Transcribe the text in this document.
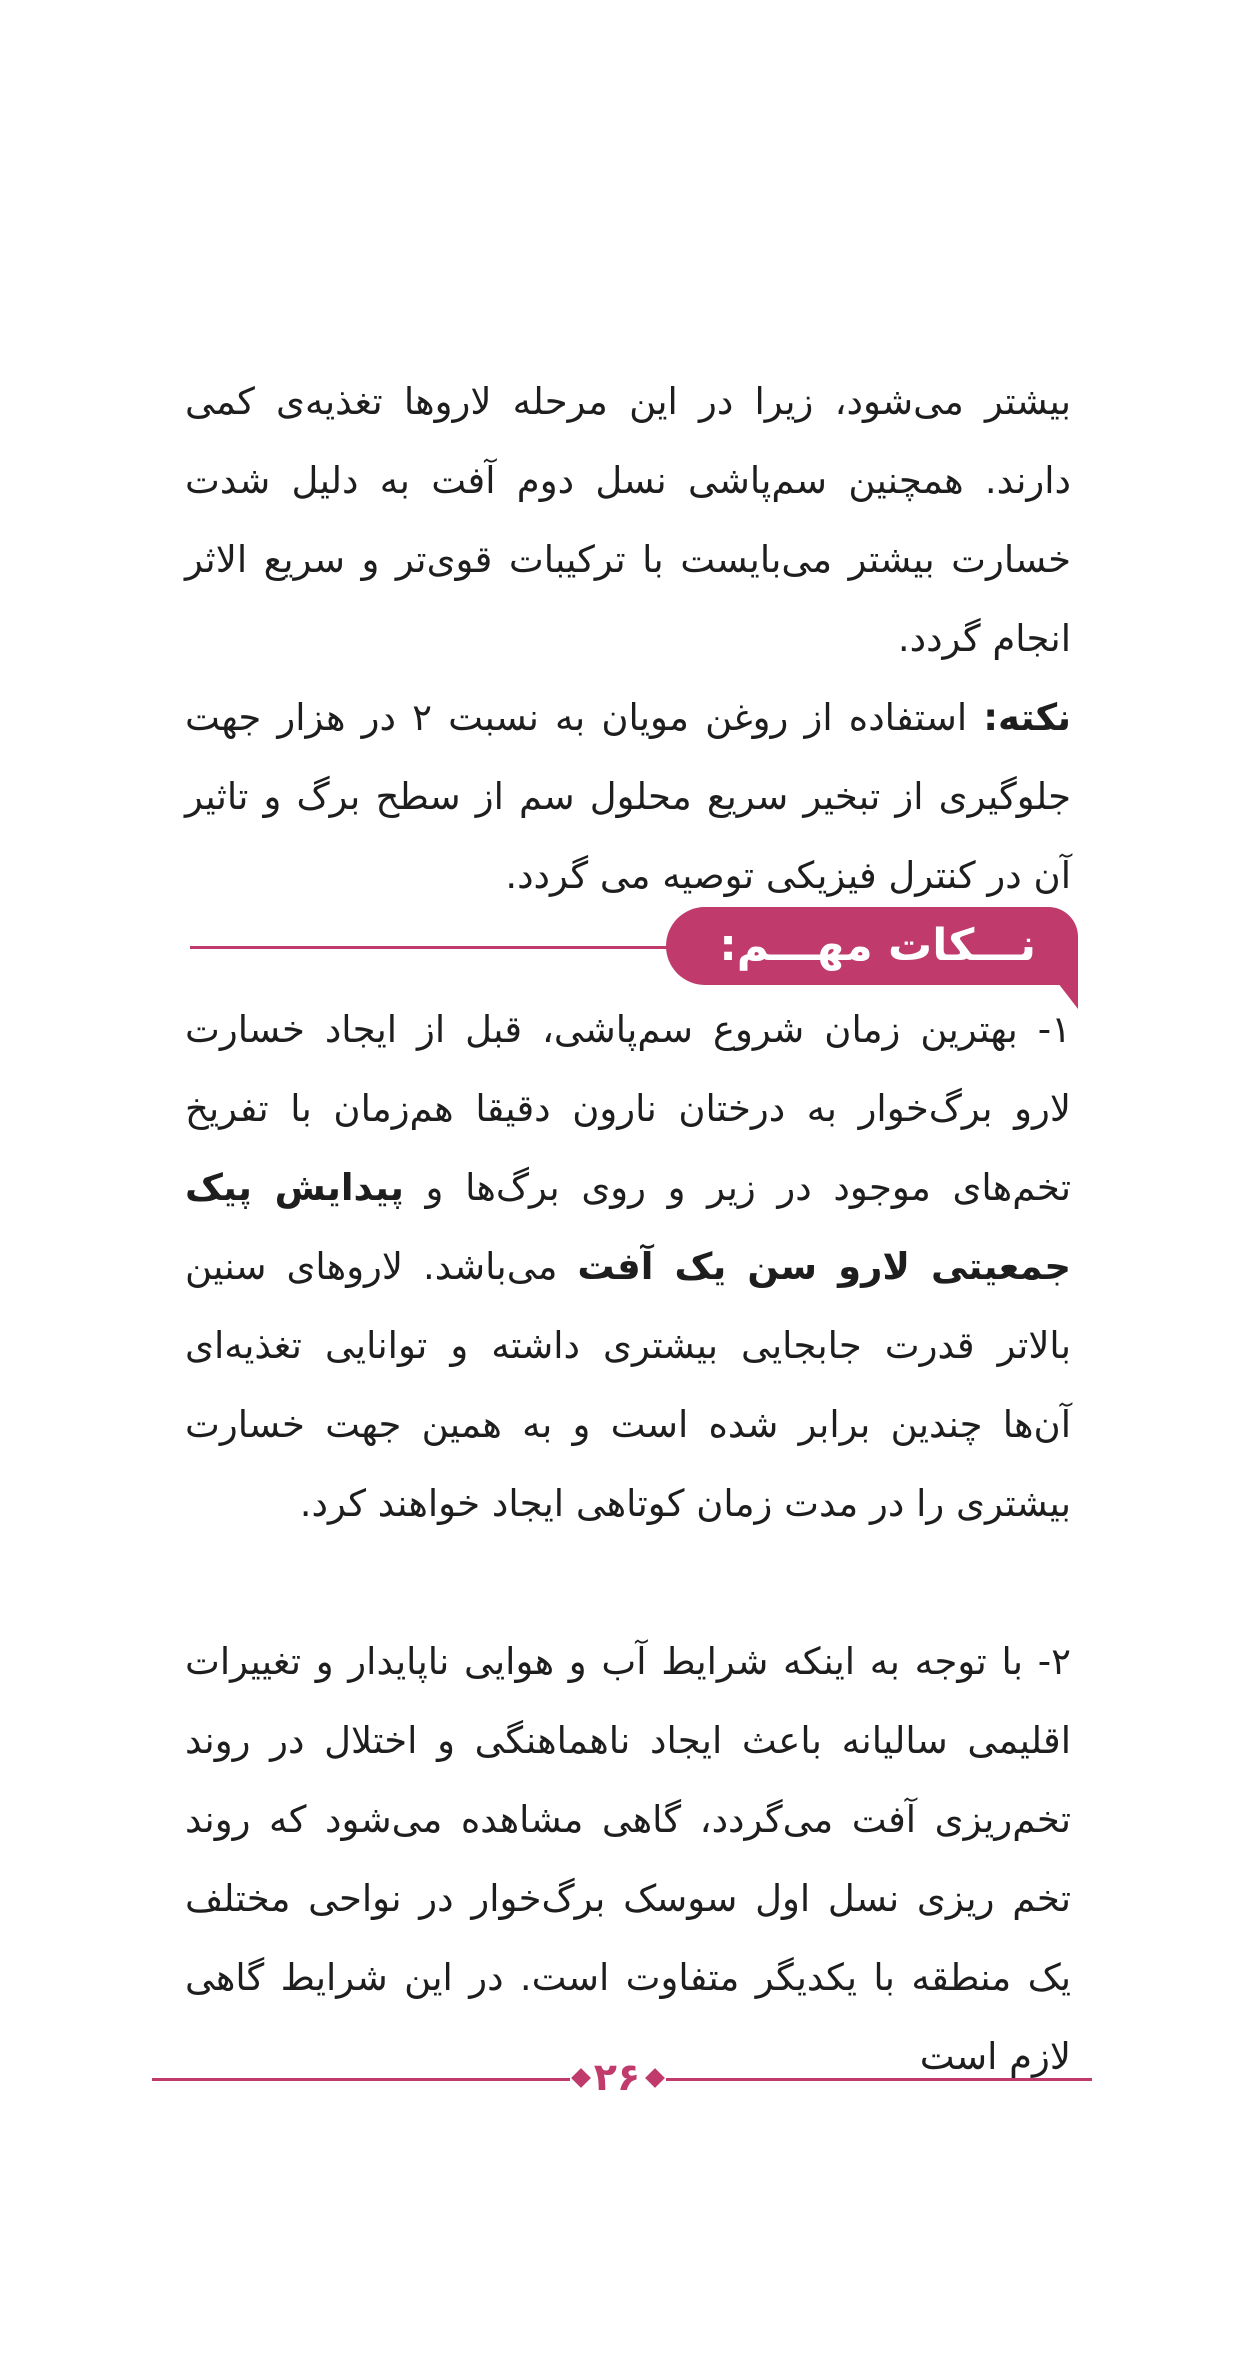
بیشتر می‌شود، زیرا در این مرحله لاروها تغذیه‌ی کمی دارند. همچنین سم‌پاشی نسل دوم آفت به دلیل شدت خسارت بیشتر می‌بایست با ترکیبات قوی‌تر و سریع الاثر انجام گردد.
نکته: استفاده از روغن مویان به نسبت ۲ در هزار جهت جلوگیری از تبخیر سریع محلول سم از سطح برگ و تاثیر آن در کنترل فیزیکی توصیه می گردد.

نـــکات مهـــم:

۱- بهترین زمان شروع سم‌پاشی، قبل از ایجاد خسارت لارو برگ‌خوار به درختان نارون دقیقا هم‌زمان با تفریخ تخم‌های موجود در زیر و روی برگ‌ها و پیدایش پیک جمعیتی لارو سن یک آفت می‌باشد. لاروهای سنین بالاتر قدرت جابجایی بیشتری داشته و توانایی تغذیه‌ای آن‌ها چندین برابر شده است و به همین جهت خسارت بیشتری را در مدت زمان کوتاهی ایجاد خواهند کرد.

۲- با توجه به اینکه شرایط آب و هوایی ناپایدار و تغییرات اقلیمی سالیانه باعث ایجاد ناهماهنگی و اختلال در روند تخم‌ریزی آفت می‌گردد، گاهی مشاهده می‌شود که روند تخم ریزی نسل اول سوسک برگ‌خوار در نواحی مختلف یک منطقه با یکدیگر متفاوت است. در این شرایط گاهی لازم است

۲۶
